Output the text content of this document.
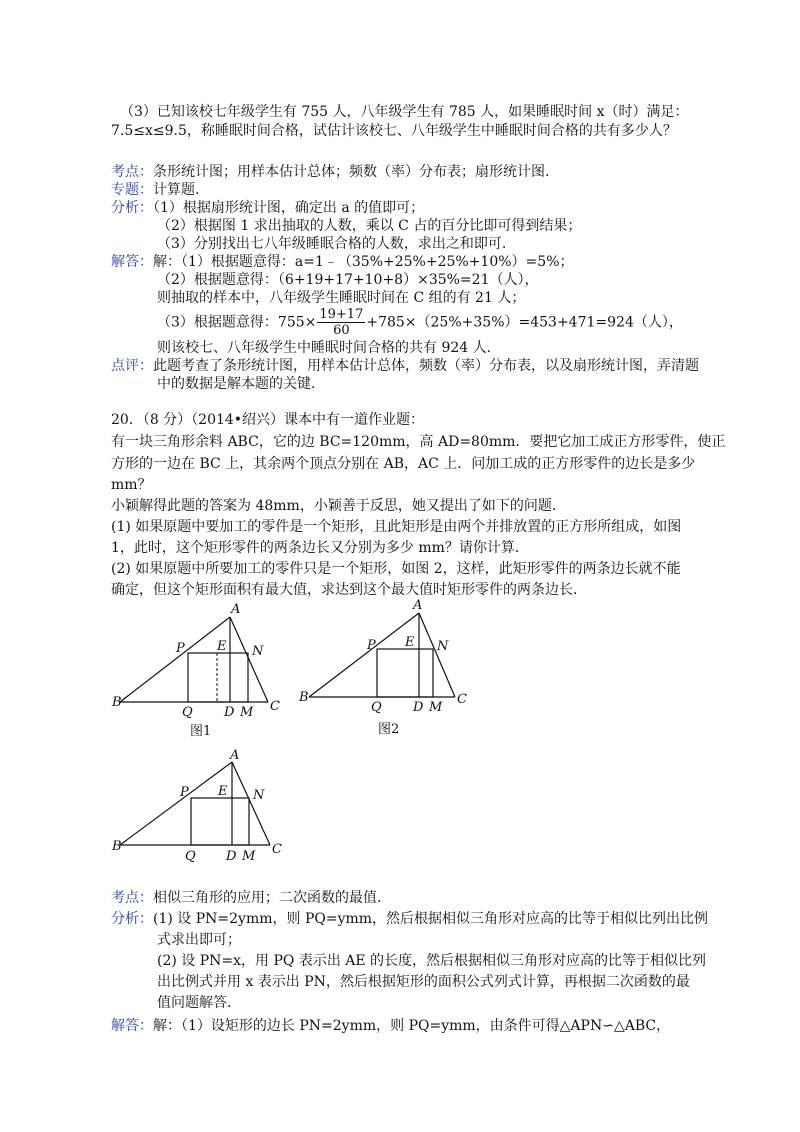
（3）已知该校七年级学生有 755 人，八年级学生有 785 人，如果睡眠时间 x（时）满足：
7.5≤x≤9.5，称睡眠时间合格，试估计该校七、八年级学生中睡眠时间合格的共有多少人？
考点：条形统计图；用样本估计总体；频数（率）分布表；扇形统计图.
专题：计算题.
分析：（1）根据扇形统计图，确定出 a 的值即可；
（2）根据图 1 求出抽取的人数，乘以 C 占的百分比即可得到结果；
（3）分别找出七八年级睡眠合格的人数，求出之和即可.
解答：解：（1）根据题意得：a=1﹣（35%+25%+25%+10%）=5%；
（2）根据题意得：（6+19+17+10+8）×35%=21（人），
则抽取的样本中，八年级学生睡眠时间在 C 组的有 21 人；
（3）根据题意得：$755\times \frac{19+17}{60} +785\times(25\%+35\%)=453+471=924$（人），
则该校七、八年级学生中睡眠时间合格的共有 924 人.
点评：此题考查了条形统计图，用样本估计总体，频数（率）分布表，以及扇形统计图，弄清题
中的数据是解本题的关键.
20．（8 分）（2014•绍兴）课本中有一道作业题：
有一块三角形余料 ABC，它的边 BC=120mm，高 AD=80mm．要把它加工成正方形零件，使正
方形的一边在 BC 上，其余两个顶点分别在 AB，AC 上．问加工成的正方形零件的边长是多少
mm？
小颖解得此题的答案为 48mm，小颖善于反思，她又提出了如下的问题．
(1) 如果原题中要加工的零件是一个矩形，且此矩形是由两个并排放置的正方形所组成，如图
1，此时，这个矩形零件的两条边长又分别为多少 mm？请你计算．
(2) 如果原题中所要加工的零件只是一个矩形，如图 2，这样，此矩形零件的两条边长就不能
确定，但这个矩形面积有最大值，求达到这个最大值时矩形零件的两条边长．
A
B	C
D
E
M
N
P
Q
图1
A
B	C
D
E
M
N
P
Q
图2
A
B	C
D
E
M
N
P
Q
考点：相似三角形的应用；二次函数的最值.
分析：(1) 设 PN=2ymm，则 PQ=ymm，然后根据相似三角形对应高的比等于相似比列出比例
式求出即可；
(2) 设 PN=x，用 PQ 表示出 AE 的长度，然后根据相似三角形对应高的比等于相似比列
出比例式并用 x 表示出 PN，然后根据矩形的面积公式列式计算，再根据二次函数的最
值问题解答.
解答：解：（1）设矩形的边长 PN=2ymm，则 PQ=ymm，由条件可得△APN∽△ABC，
